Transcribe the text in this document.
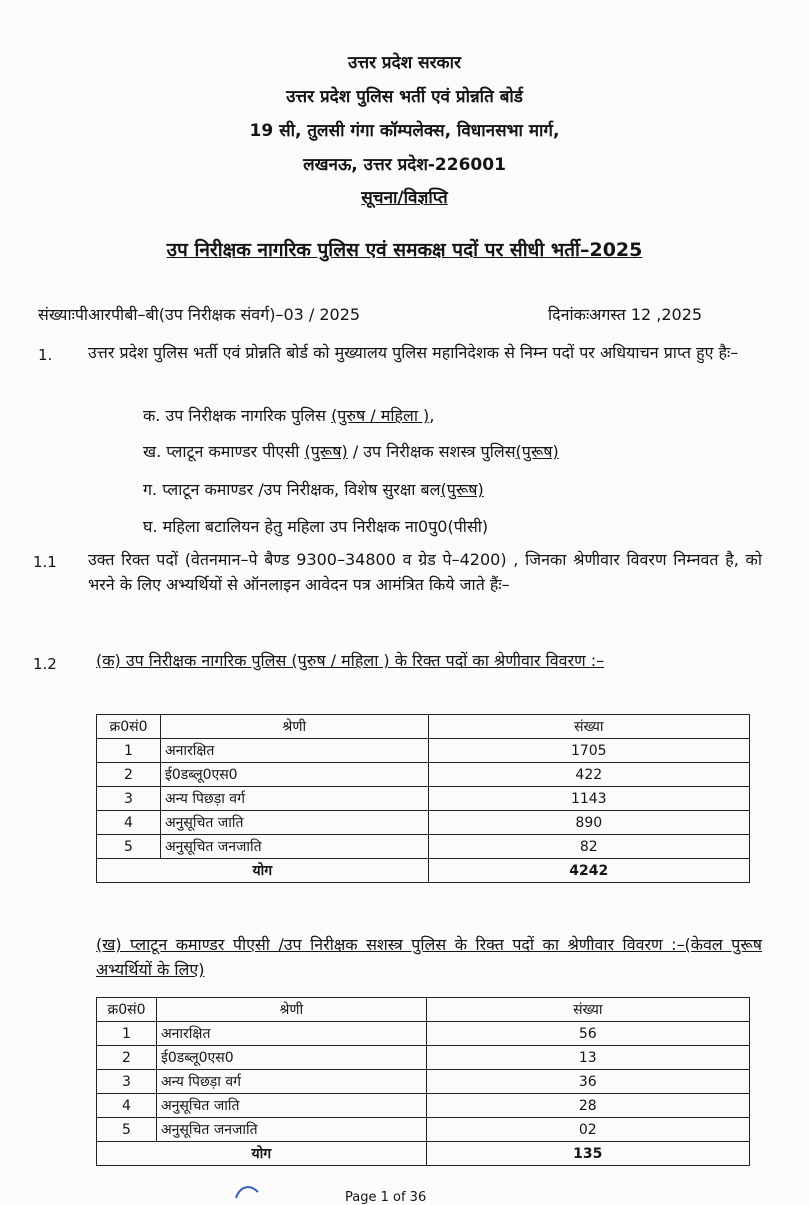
उत्तर प्रदेश सरकार
उत्तर प्रदेश पुलिस भर्ती एवं प्रोन्नति बोर्ड
19 सी, तुलसी गंगा कॉम्पलेक्स, विधानसभा मार्ग,
लखनऊ, उत्तर प्रदेश-226001
सूचना/विज्ञप्ति
उप निरीक्षक नागरिक पुलिस एवं समकक्ष पदों पर सीधी भर्ती–2025
संख्याःपीआरपीबी–बी(उप निरीक्षक संवर्ग)–03 / 2025	दिनांकःअगस्त 12 ,2025
1. उत्तर प्रदेश पुलिस भर्ती एवं प्रोन्नति बोर्ड को मुख्यालय पुलिस महानिदेशक से निम्न पदों पर अधियाचन प्राप्त हुए हैः–
क. उप निरीक्षक नागरिक पुलिस (पुरुष / महिला ),
ख. प्लाटून कमाण्डर पीएसी (पुरूष) / उप निरीक्षक सशस्त्र पुलिस(पुरूष)
ग. प्लाटून कमाण्डर /उप निरीक्षक, विशेष सुरक्षा बल(पुरूष)
घ. महिला बटालियन हेतु महिला उप निरीक्षक ना0पु0(पीसी)
1.1 उक्त रिक्त पदों (वेतनमान–पे बैण्ड 9300–34800 व ग्रेड पे–4200) , जिनका श्रेणीवार विवरण निम्नवत है, को भरने के लिए अभ्यर्थियों से ऑनलाइन आवेदन पत्र आमंत्रित किये जाते हैंः–
1.2 (क) उप निरीक्षक नागरिक पुलिस (पुरुष / महिला ) के रिक्त पदों का श्रेणीवार विवरण :–
क्र0सं0	श्रेणी	संख्या
1	अनारक्षित	1705
2	ई0डब्लू0एस0	422
3	अन्य पिछड़ा वर्ग	1143
4	अनुसूचित जाति	890
5	अनुसूचित जनजाति	82
योग		4242
(ख) प्लाटून कमाण्डर पीएसी /उप निरीक्षक सशस्त्र पुलिस के रिक्त पदों का श्रेणीवार विवरण :–(केवल पुरूष अभ्यर्थियों के लिए)
क्र0सं0	श्रेणी	संख्या
1	अनारक्षित	56
2	ई0डब्लू0एस0	13
3	अन्य पिछड़ा वर्ग	36
4	अनुसूचित जाति	28
5	अनुसूचित जनजाति	02
योग		135
Page 1 of 36
